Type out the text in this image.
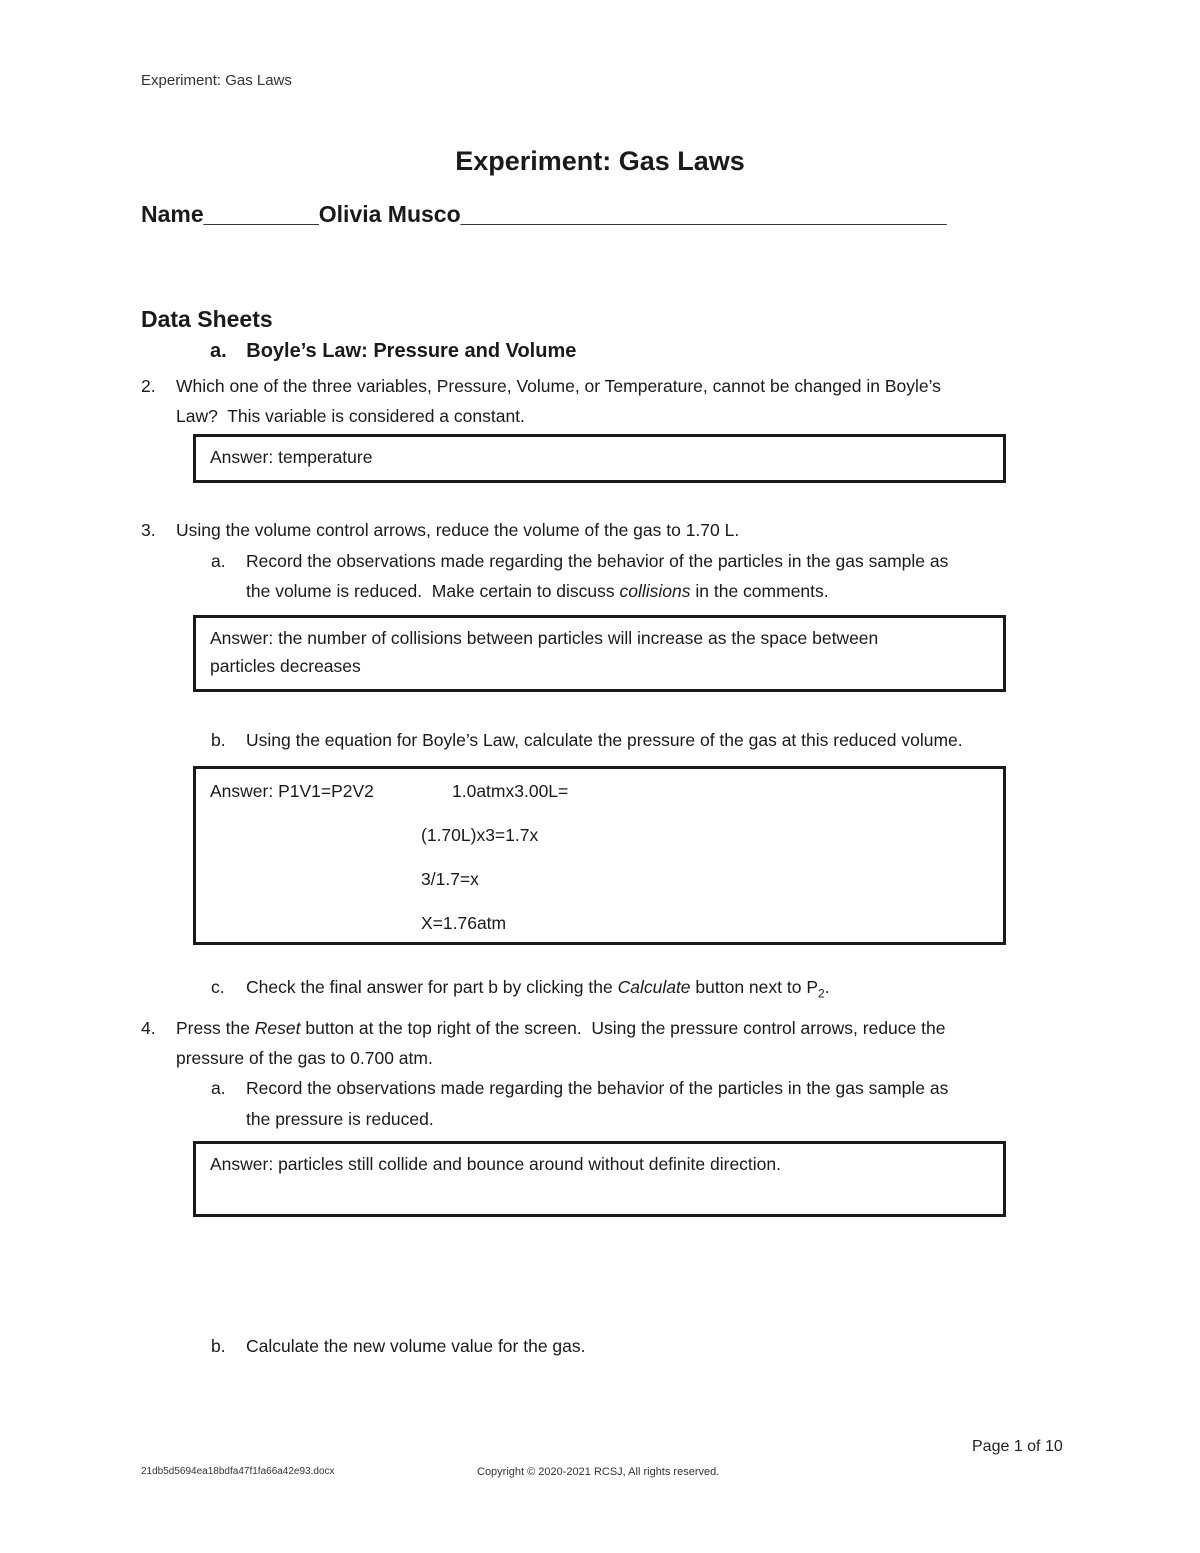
Experiment: Gas Laws
Experiment: Gas Laws
Name_________Olivia Musco______________________________________
Data Sheets
a. Boyle’s Law: Pressure and Volume
2.	Which one of the three variables, Pressure, Volume, or Temperature, cannot be changed in Boyle’s
Law?  This variable is considered a constant.
Answer: temperature
3.	Using the volume control arrows, reduce the volume of the gas to 1.70 L.
a. Record the observations made regarding the behavior of the particles in the gas sample as
the volume is reduced.  Make certain to discuss collisions in the comments.
Answer: the number of collisions between particles will increase as the space between
particles decreases
b. Using the equation for Boyle’s Law, calculate the pressure of the gas at this reduced volume.
Answer: P1V1=P2V2	1.0atmx3.00L=
(1.70L)x3=1.7x
3/1.7=x
X=1.76atm
c. Check the final answer for part b by clicking the Calculate button next to $P_2$.
4.	Press the Reset button at the top right of the screen.  Using the pressure control arrows, reduce the
pressure of the gas to 0.700 atm.
a. Record the observations made regarding the behavior of the particles in the gas sample as
the pressure is reduced.
Answer: particles still collide and bounce around without definite direction.
b. Calculate the new volume value for the gas.
Page 1 of 10
21db5d5694ea18bdfa47f1fa66a42e93.docx	Copyright © 2020-2021 RCSJ, All rights reserved.
